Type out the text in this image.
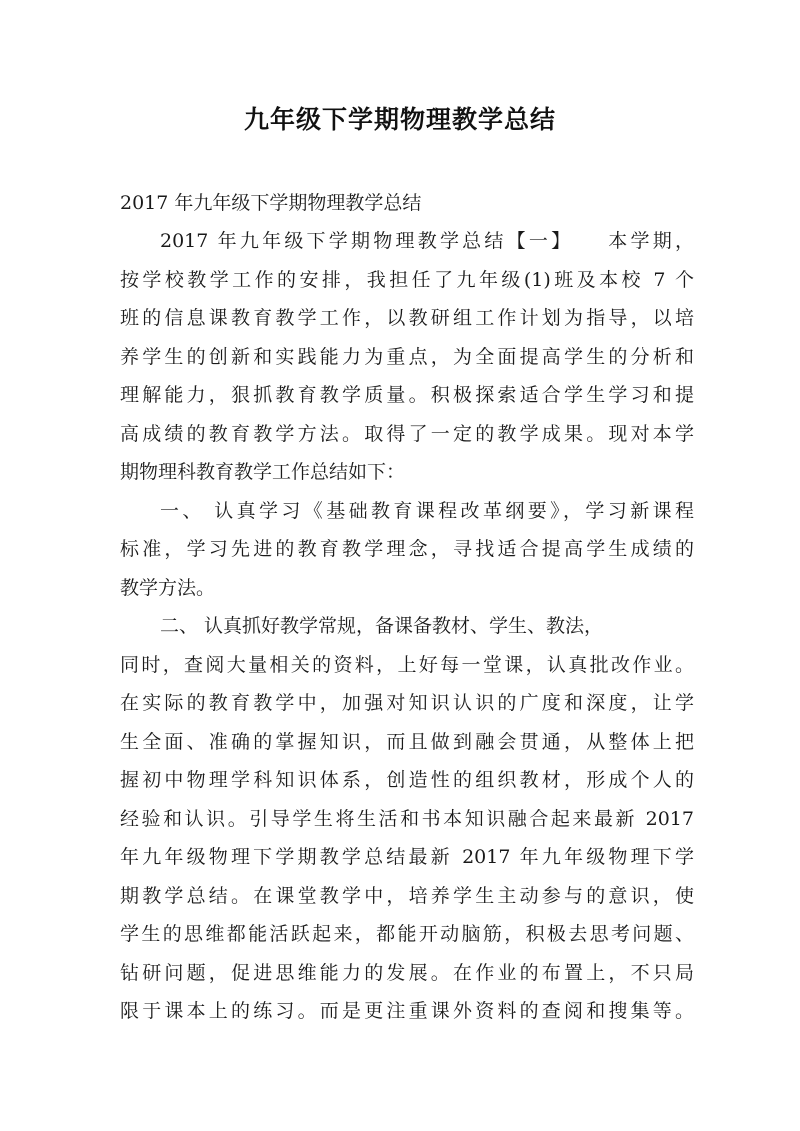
九年级下学期物理教学总结
2017 年九年级下学期物理教学总结
2017 年九年级下学期物理教学总结【一】　　本学期，
按学校教学工作的安排，我担任了九年级(1)班及本校 7 个
班的信息课教育教学工作，以教研组工作计划为指导，以培
养学生的创新和实践能力为重点，为全面提高学生的分析和
理解能力，狠抓教育教学质量。积极探索适合学生学习和提
高成绩的教育教学方法。取得了一定的教学成果。现对本学
期物理科教育教学工作总结如下：
一、 认真学习《基础教育课程改革纲要》，学习新课程
标准，学习先进的教育教学理念，寻找适合提高学生成绩的
教学方法。
二、 认真抓好教学常规，备课备教材、学生、教法，
同时，查阅大量相关的资料，上好每一堂课，认真批改作业。
在实际的教育教学中，加强对知识认识的广度和深度，让学
生全面、准确的掌握知识，而且做到融会贯通，从整体上把
握初中物理学科知识体系，创造性的组织教材，形成个人的
经验和认识。引导学生将生活和书本知识融合起来最新 2017
年九年级物理下学期教学总结最新 2017 年九年级物理下学
期教学总结。在课堂教学中，培养学生主动参与的意识，使
学生的思维都能活跃起来，都能开动脑筋，积极去思考问题、
钻研问题，促进思维能力的发展。在作业的布置上，不只局
限于课本上的练习。而是更注重课外资料的查阅和搜集等。
